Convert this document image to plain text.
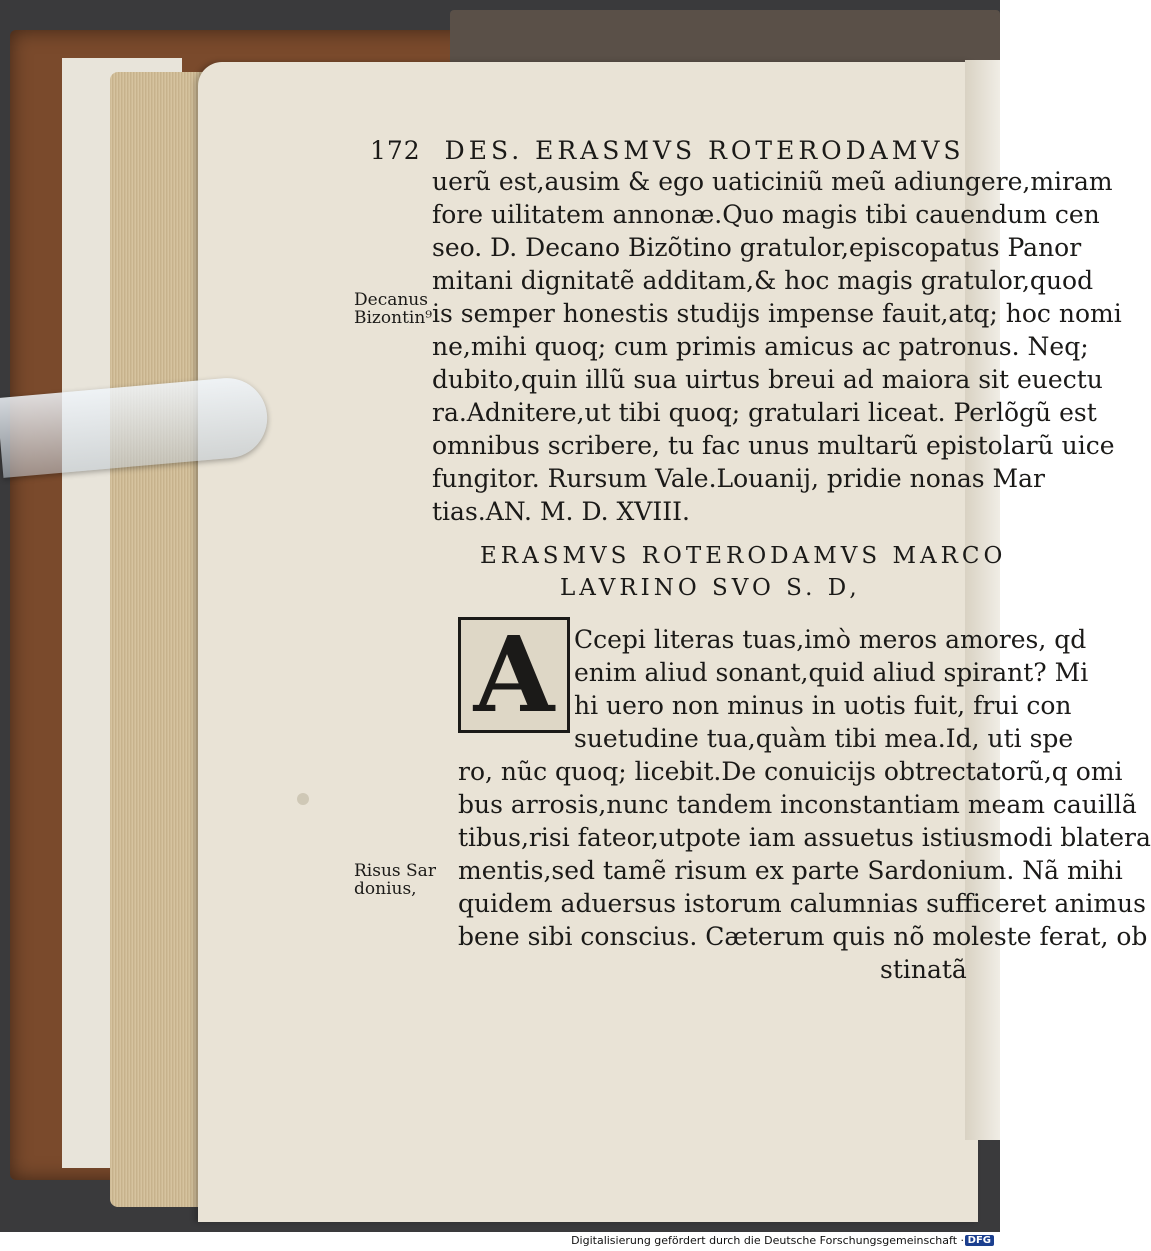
172 DES. ERASMVS ROTERODAMVS
uerũ est,ausim & ego uaticiniũ meũ adiungere,miram
fore uilitatem annonæ.Quo magis tibi cauendum cen
seo. D. Decano Bizõtino gratulor,episcopatus Panor
mitani dignitatẽ additam,& hoc magis gratulor,quod
is semper honestis studijs impense fauit,atq; hoc nomi
ne,mihi quoq; cum primis amicus ac patronus. Neq;
dubito,quin illũ sua uirtus breui ad maiora sit euectu
ra.Adnitere,ut tibi quoq; gratulari liceat. Perlõgũ est
omnibus scribere, tu fac unus multarũ epistolarũ uice
fungitor. Rursum Vale.Louanij, pridie nonas Mar
tias.AN. M. D. XVIII.
Decanus
Bizontin⁹
ERASMVS ROTERODAMVS MARCO
LAVRINO SVO S. D,
A Ccepi literas tuas,imò meros amores, qd
enim aliud sonant,quid aliud spirant? Mi
hi uero non minus in uotis fuit, frui con
suetudine tua,quàm tibi mea.Id, uti spe
ro, nũc quoq; licebit.De conuicijs obtrectatorũ,q omi
bus arrosis,nunc tandem inconstantiam meam cauillã
tibus,risi fateor,utpote iam assuetus istiusmodi blatera
mentis,sed tamẽ risum ex parte Sardonium. Nã mihi
quidem aduersus istorum calumnias sufficeret animus
bene sibi conscius. Cæterum quis nõ moleste ferat, ob
stinatã
Risus Sar
donius,
Digitalisierung gefördert durch die Deutsche Forschungsgemeinschaft · DFG
